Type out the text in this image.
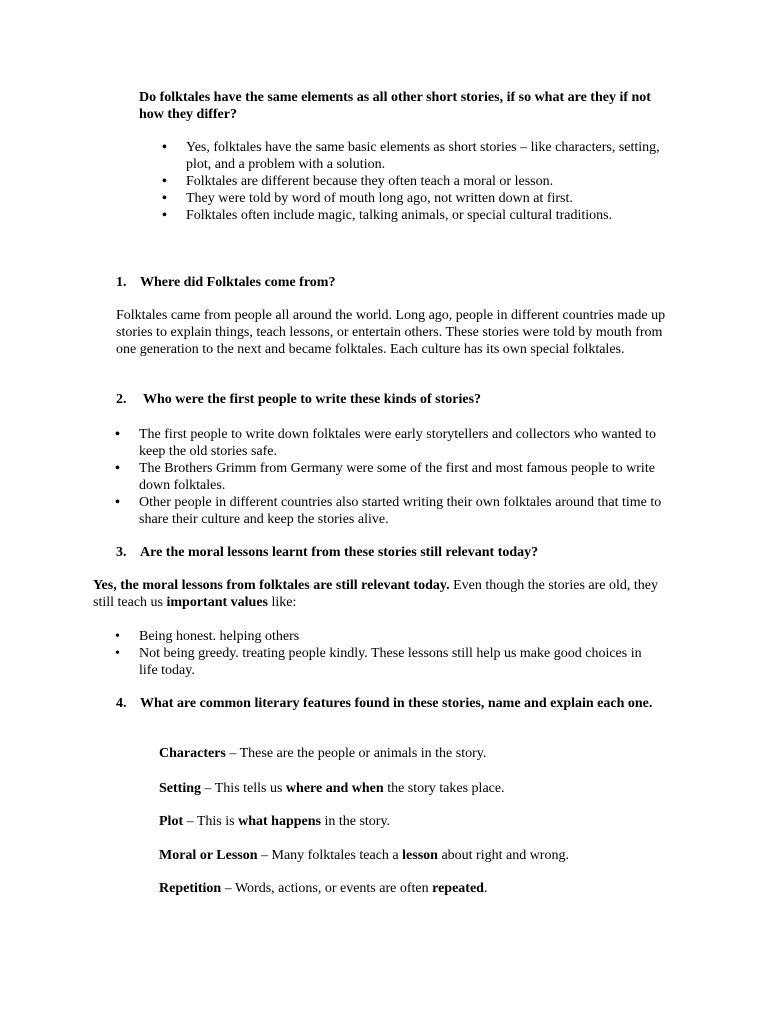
Do folktales have the same elements as all other short stories, if so what are they if not how they differ?
• Yes, folktales have the same basic elements as short stories – like characters, setting, plot, and a problem with a solution.
• Folktales are different because they often teach a moral or lesson.
• They were told by word of mouth long ago, not written down at first.
• Folktales often include magic, talking animals, or special cultural traditions.
1. Where did Folktales come from?

Folktales came from people all around the world. Long ago, people in different countries made up stories to explain things, teach lessons, or entertain others. These stories were told by mouth from one generation to the next and became folktales. Each culture has its own special folktales.

2. Who were the first people to write these kinds of stories?
• The first people to write down folktales were early storytellers and collectors who wanted to keep the old stories safe.
• The Brothers Grimm from Germany were some of the first and most famous people to write down folktales.
• Other people in different countries also started writing their own folktales around that time to share their culture and keep the stories alive.
3. Are the moral lessons learnt from these stories still relevant today?

Yes, the moral lessons from folktales are still relevant today. Even though the stories are old, they still teach us important values like:

• Being honest. helping others
• Not being greedy. treating people kindly. These lessons still help us make good choices in life today.
4. What are common literary features found in these stories, name and explain each one.

Characters – These are the people or animals in the story.

Setting – This tells us where and when the story takes place.

Plot – This is what happens in the story.

Moral or Lesson – Many folktales teach a lesson about right and wrong.

Repetition – Words, actions, or events are often repeated.
